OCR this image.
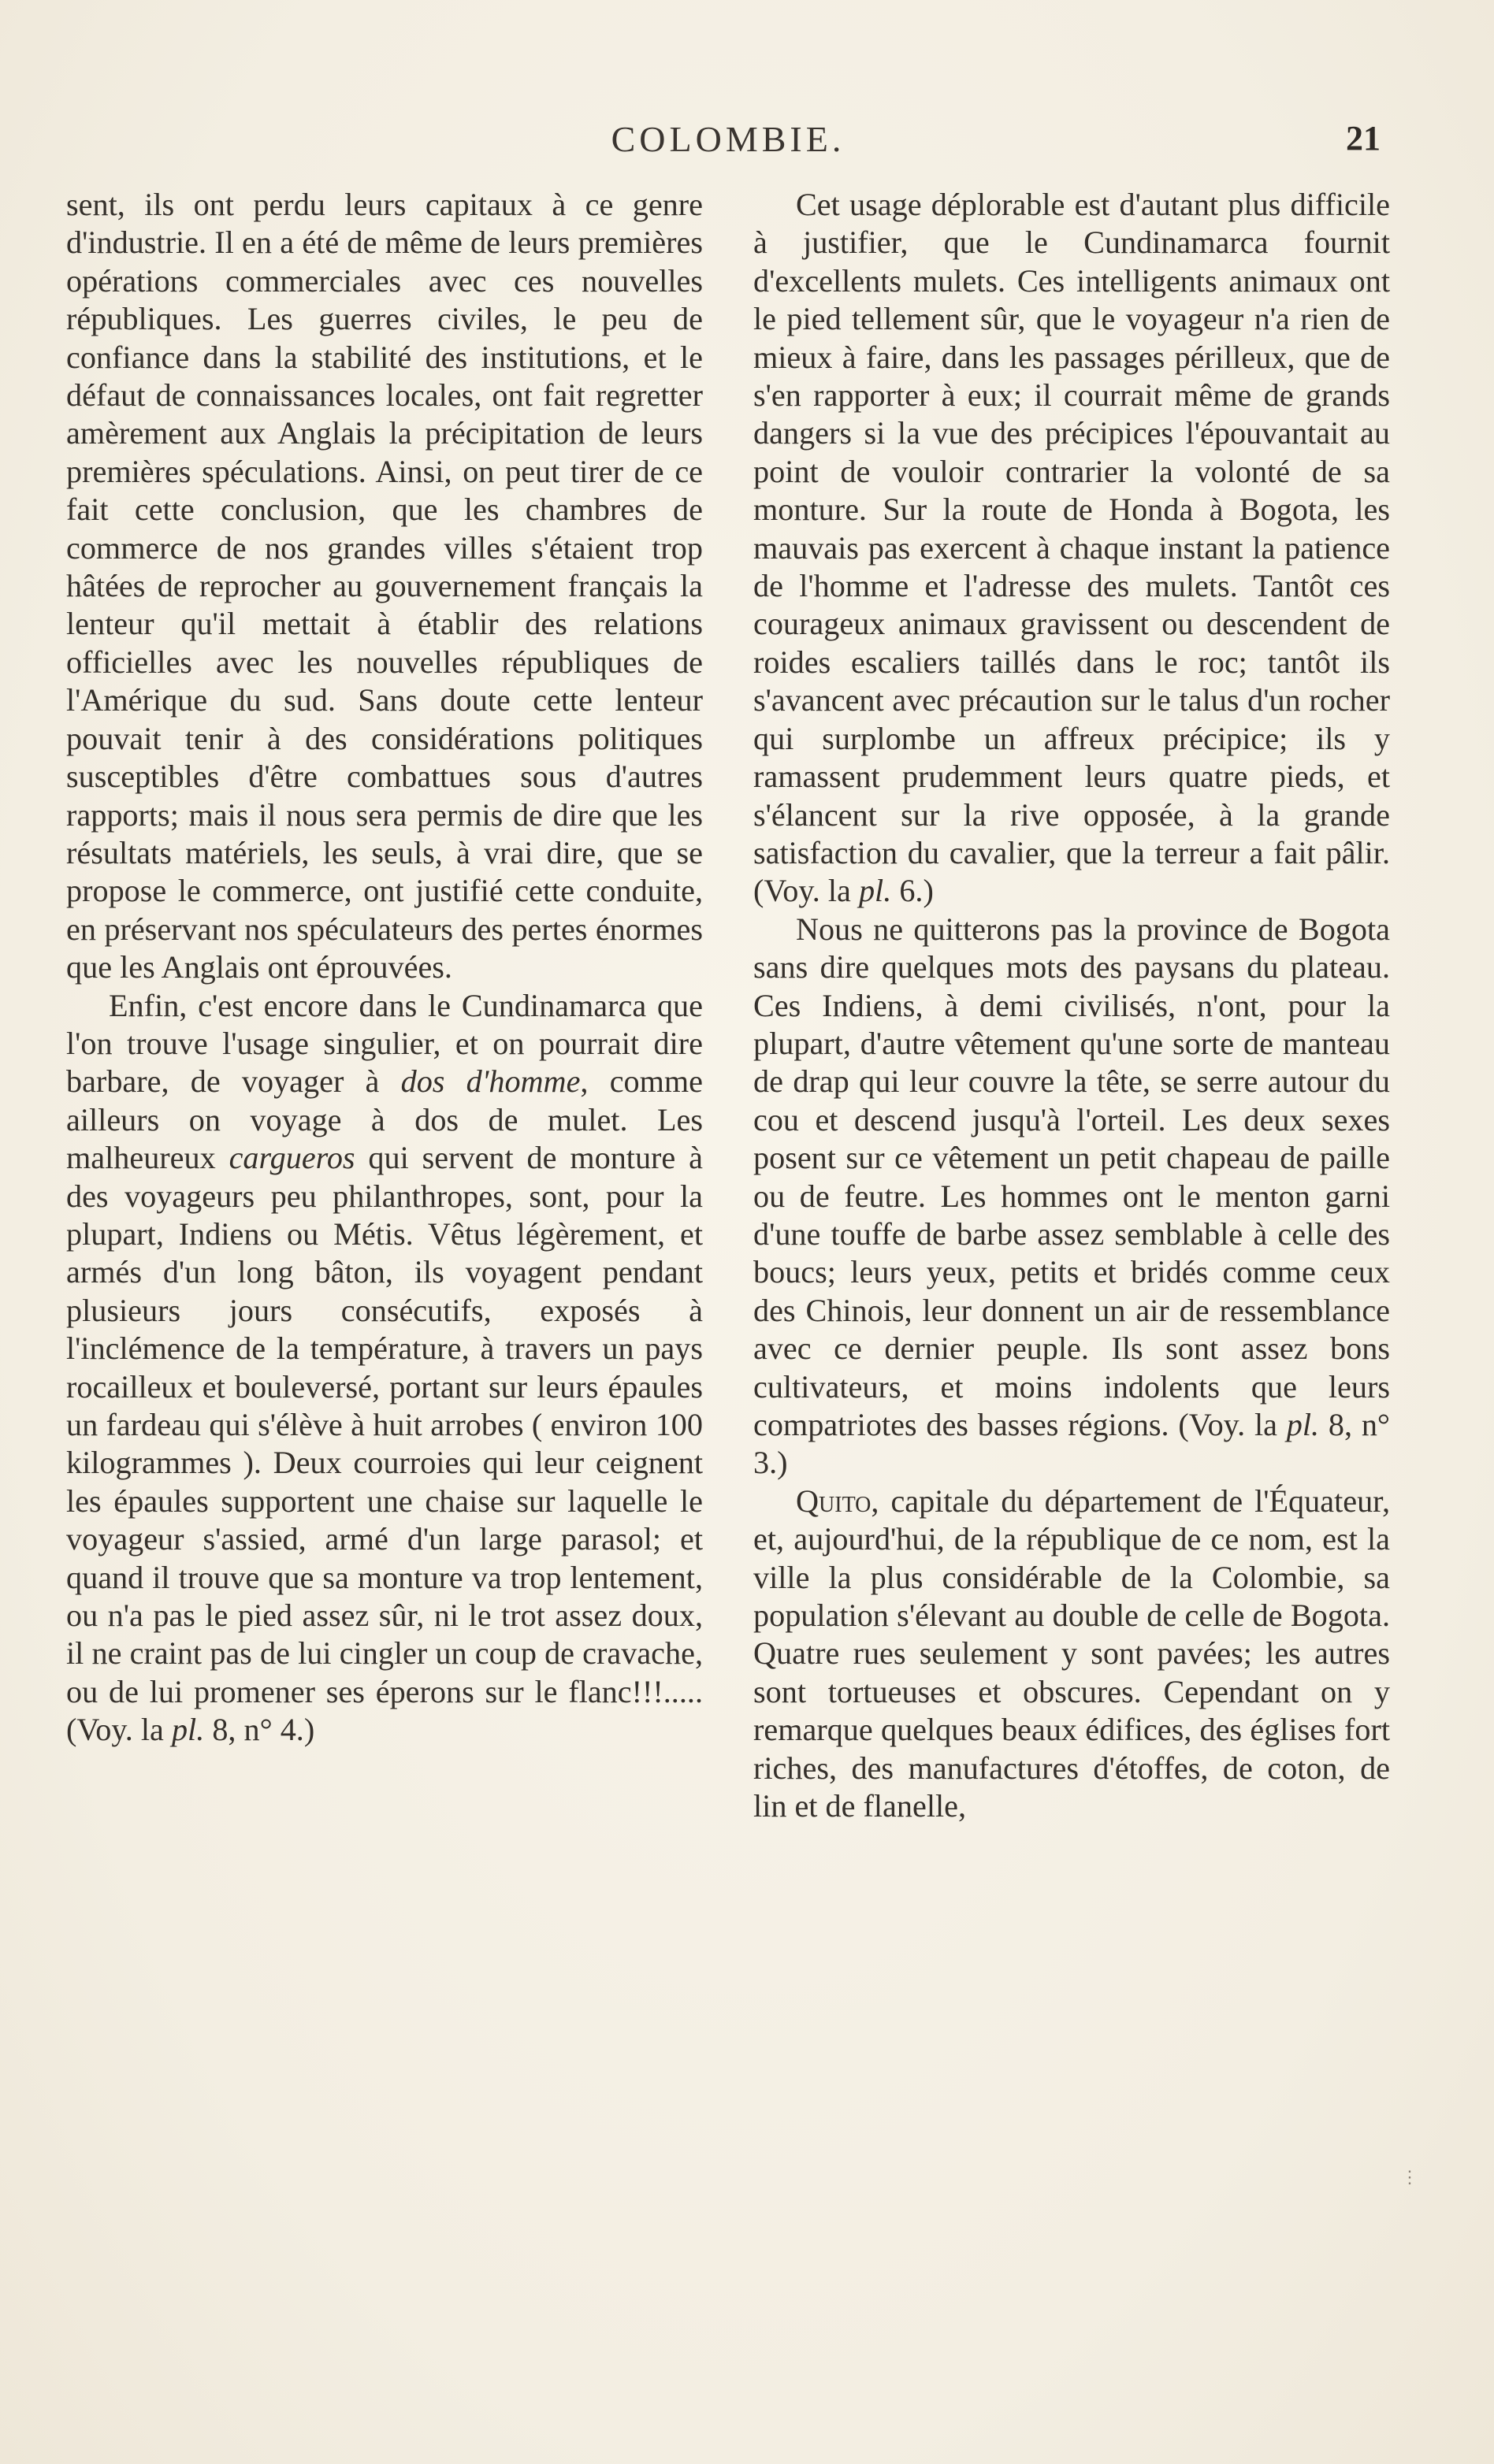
COLOMBIE.	21

sent, ils ont perdu leurs capitaux à ce genre d'industrie. Il en a été de même de leurs premières opérations commerciales avec ces nouvelles républiques. Les guerres civiles, le peu de confiance dans la stabilité des institutions, et le défaut de connaissances locales, ont fait regretter amèrement aux Anglais la précipitation de leurs premières spéculations. Ainsi, on peut tirer de ce fait cette conclusion, que les chambres de commerce de nos grandes villes s'étaient trop hâtées de reprocher au gouvernement français la lenteur qu'il mettait à établir des relations officielles avec les nouvelles républiques de l'Amérique du sud. Sans doute cette lenteur pouvait tenir à des considérations politiques susceptibles d'être combattues sous d'autres rapports; mais il nous sera permis de dire que les résultats matériels, les seuls, à vrai dire, que se propose le commerce, ont justifié cette conduite, en préservant nos spéculateurs des pertes énormes que les Anglais ont éprouvées.

Enfin, c'est encore dans le Cundinamarca que l'on trouve l'usage singulier, et on pourrait dire barbare, de voyager à dos d'homme, comme ailleurs on voyage à dos de mulet. Les malheureux cargueros qui servent de monture à des voyageurs peu philanthropes, sont, pour la plupart, Indiens ou Métis. Vêtus légèrement, et armés d'un long bâton, ils voyagent pendant plusieurs jours consécutifs, exposés à l'inclémence de la température, à travers un pays rocailleux et bouleversé, portant sur leurs épaules un fardeau qui s'élève à huit arrobes ( environ 100 kilogrammes ). Deux courroies qui leur ceignent les épaules supportent une chaise sur laquelle le voyageur s'assied, armé d'un large parasol; et quand il trouve que sa monture va trop lentement, ou n'a pas le pied assez sûr, ni le trot assez doux, il ne craint pas de lui cingler un coup de cravache, ou de lui promener ses éperons sur le flanc!!!..... (Voy. la pl. 8, n° 4.)

Cet usage déplorable est d'autant plus difficile à justifier, que le Cundinamarca fournit d'excellents mulets. Ces intelligents animaux ont le pied tellement sûr, que le voyageur n'a rien de mieux à faire, dans les passages périlleux, que de s'en rapporter à eux; il courrait même de grands dangers si la vue des précipices l'épouvantait au point de vouloir contrarier la volonté de sa monture. Sur la route de Honda à Bogota, les mauvais pas exercent à chaque instant la patience de l'homme et l'adresse des mulets. Tantôt ces courageux animaux gravissent ou descendent de roides escaliers taillés dans le roc; tantôt ils s'avancent avec précaution sur le talus d'un rocher qui surplombe un affreux précipice; ils y ramassent prudemment leurs quatre pieds, et s'élancent sur la rive opposée, à la grande satisfaction du cavalier, que la terreur a fait pâlir. (Voy. la pl. 6.)

Nous ne quitterons pas la province de Bogota sans dire quelques mots des paysans du plateau. Ces Indiens, à demi civilisés, n'ont, pour la plupart, d'autre vêtement qu'une sorte de manteau de drap qui leur couvre la tête, se serre autour du cou et descend jusqu'à l'orteil. Les deux sexes posent sur ce vêtement un petit chapeau de paille ou de feutre. Les hommes ont le menton garni d'une touffe de barbe assez semblable à celle des boucs; leurs yeux, petits et bridés comme ceux des Chinois, leur donnent un air de ressemblance avec ce dernier peuple. Ils sont assez bons cultivateurs, et moins indolents que leurs compatriotes des basses régions. (Voy. la pl. 8, n° 3.)

Quito, capitale du département de l'Équateur, et, aujourd'hui, de la république de ce nom, est la ville la plus considérable de la Colombie, sa population s'élevant au double de celle de Bogota. Quatre rues seulement y sont pavées; les autres sont tortueuses et obscures. Cependant on y remarque quelques beaux édifices, des églises fort riches, des manufactures d'étoffes, de coton, de lin et de flanelle,

⋮
